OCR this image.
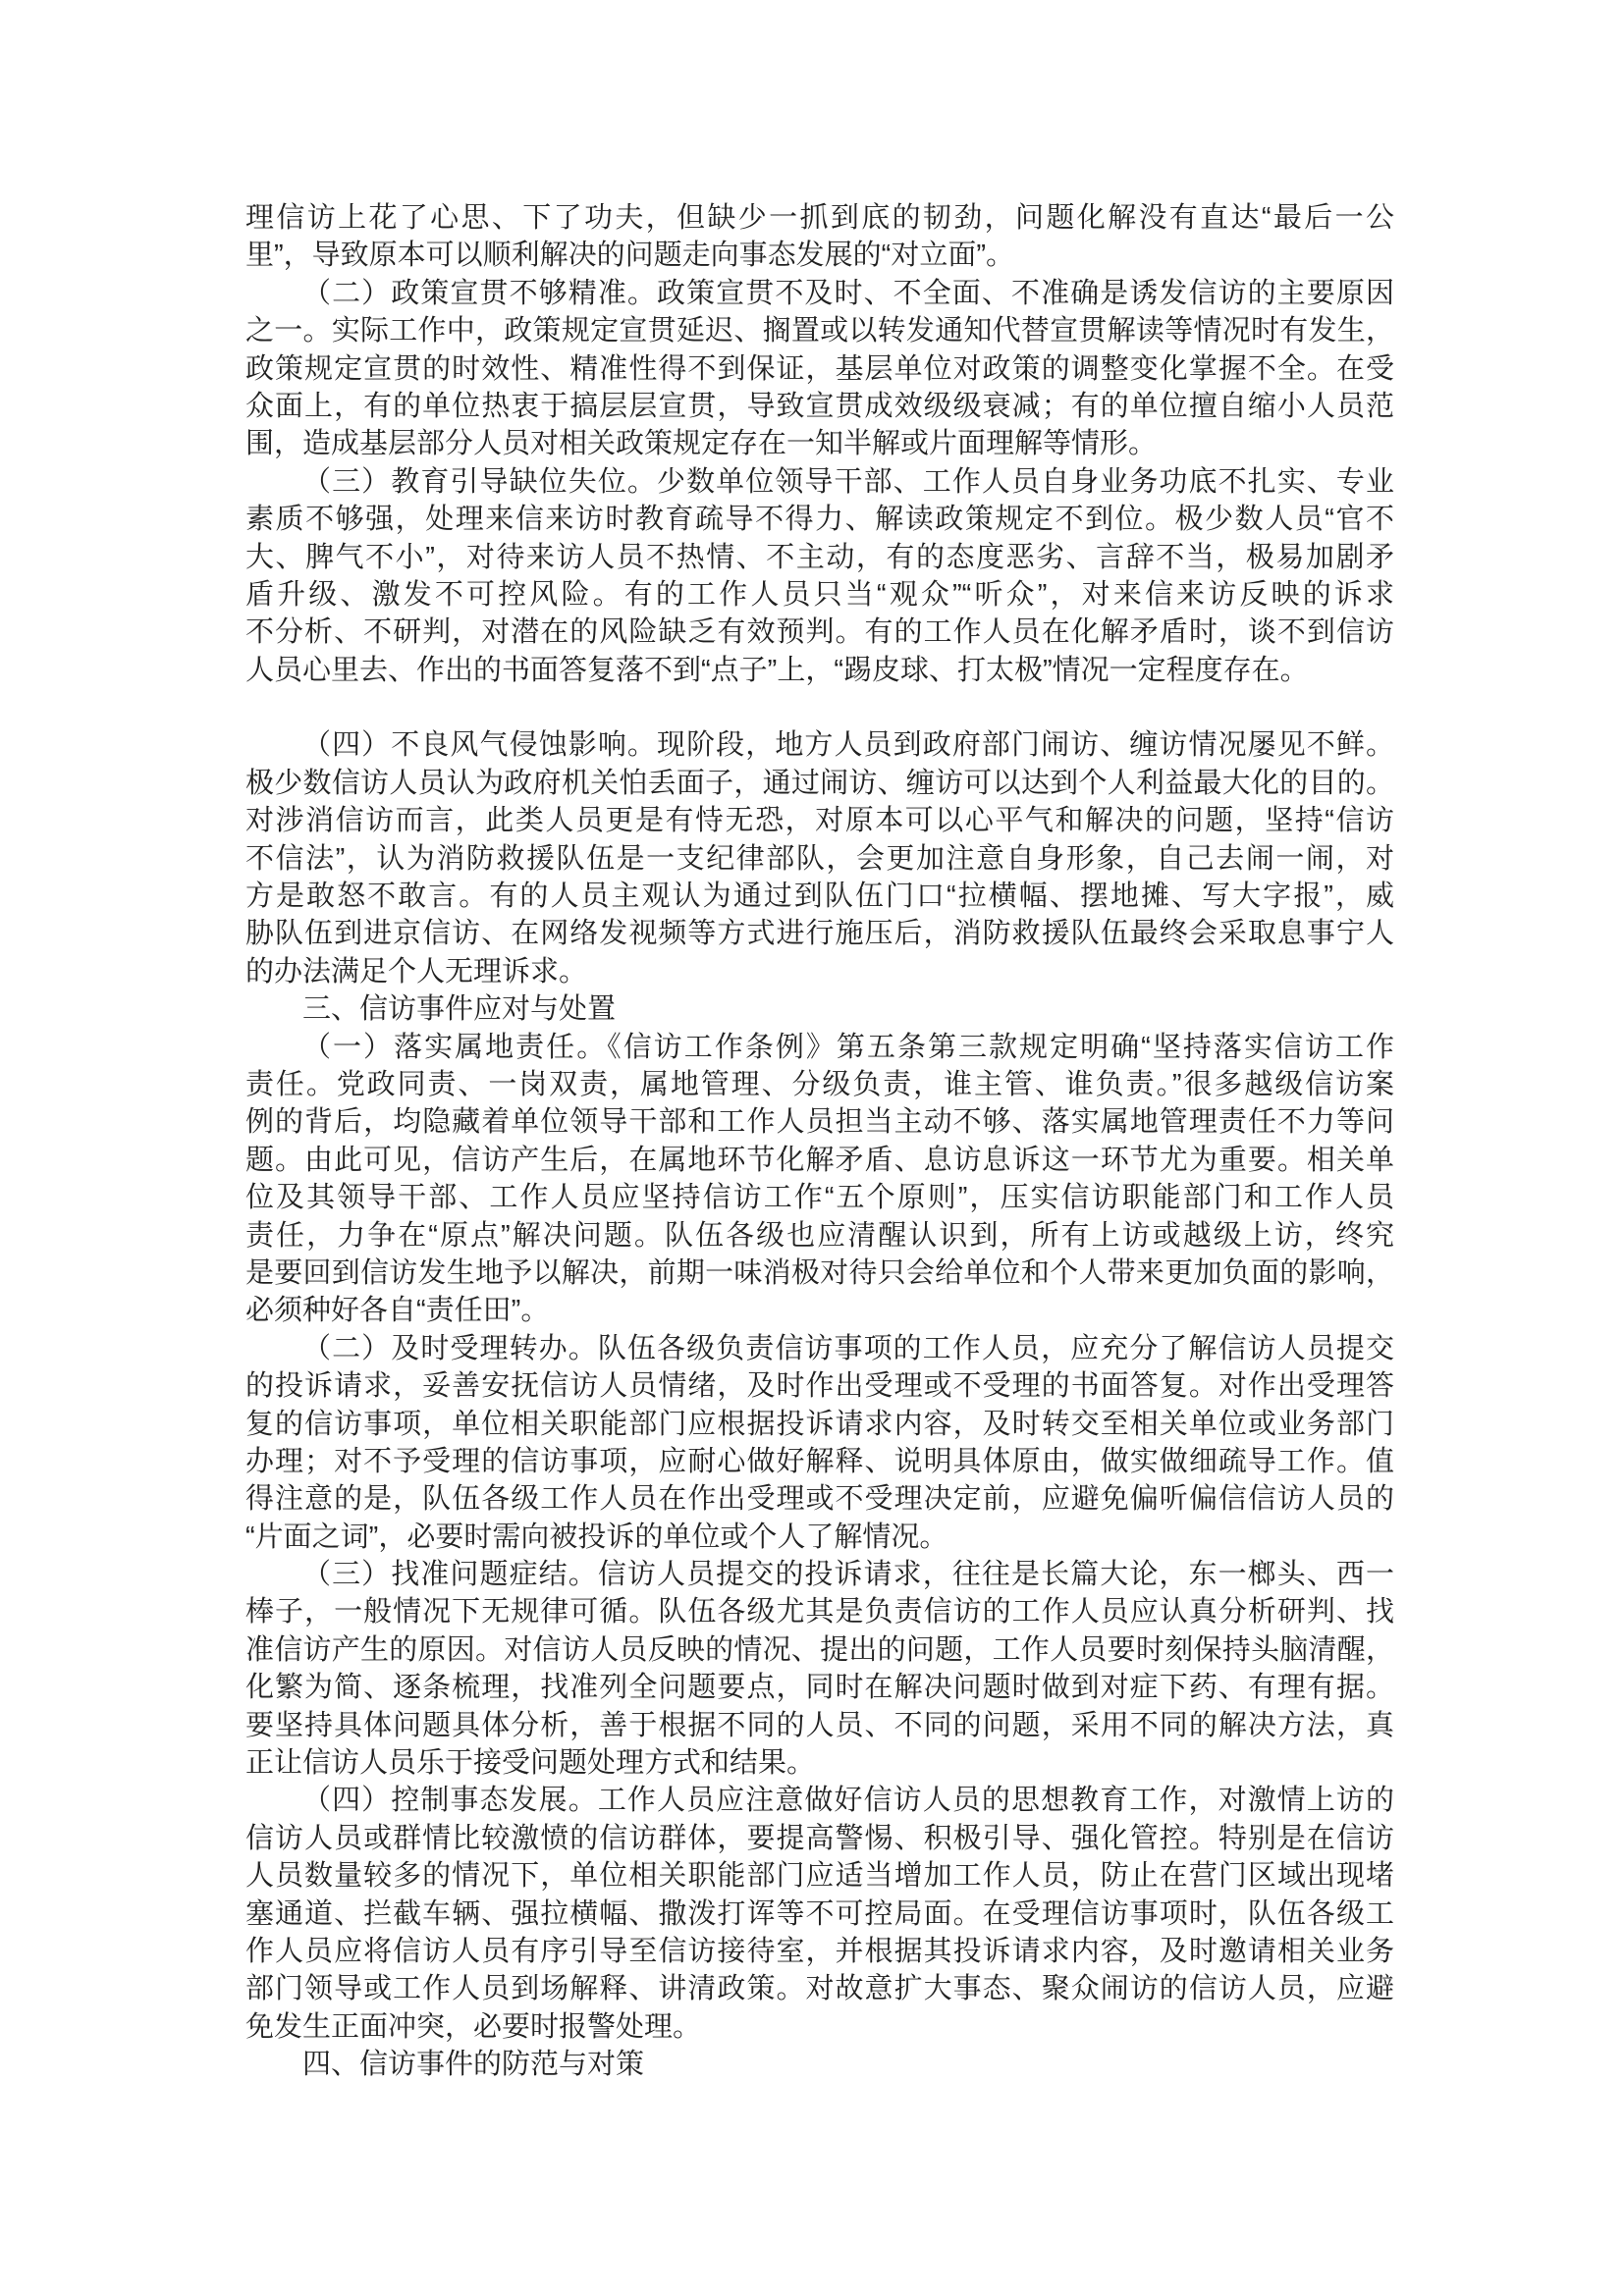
理信访上花了心思、下了功夫，但缺少一抓到底的韧劲，问题化解没有直达“最后一公
里”，导致原本可以顺利解决的问题走向事态发展的“对立面”。
（二）政策宣贯不够精准。政策宣贯不及时、不全面、不准确是诱发信访的主要原因
之一。实际工作中，政策规定宣贯延迟、搁置或以转发通知代替宣贯解读等情况时有发生，
政策规定宣贯的时效性、精准性得不到保证，基层单位对政策的调整变化掌握不全。在受
众面上，有的单位热衷于搞层层宣贯，导致宣贯成效级级衰减；有的单位擅自缩小人员范
围，造成基层部分人员对相关政策规定存在一知半解或片面理解等情形。
（三）教育引导缺位失位。少数单位领导干部、工作人员自身业务功底不扎实、专业
素质不够强，处理来信来访时教育疏导不得力、解读政策规定不到位。极少数人员“官不
大、脾气不小”，对待来访人员不热情、不主动，有的态度恶劣、言辞不当，极易加剧矛
盾升级、激发不可控风险。有的工作人员只当“观众”“听众”，对来信来访反映的诉求
不分析、不研判，对潜在的风险缺乏有效预判。有的工作人员在化解矛盾时，谈不到信访
人员心里去、作出的书面答复落不到“点子”上，“踢皮球、打太极”情况一定程度存在。
（四）不良风气侵蚀影响。现阶段，地方人员到政府部门闹访、缠访情况屡见不鲜。
极少数信访人员认为政府机关怕丢面子，通过闹访、缠访可以达到个人利益最大化的目的。
对涉消信访而言，此类人员更是有恃无恐，对原本可以心平气和解决的问题，坚持“信访
不信法”，认为消防救援队伍是一支纪律部队，会更加注意自身形象，自己去闹一闹，对
方是敢怒不敢言。有的人员主观认为通过到队伍门口“拉横幅、摆地摊、写大字报”，威
胁队伍到进京信访、在网络发视频等方式进行施压后，消防救援队伍最终会采取息事宁人
的办法满足个人无理诉求。
三、信访事件应对与处置
（一）落实属地责任。《信访工作条例》第五条第三款规定明确“坚持落实信访工作
责任。党政同责、一岗双责，属地管理、分级负责，谁主管、谁负责。”很多越级信访案
例的背后，均隐藏着单位领导干部和工作人员担当主动不够、落实属地管理责任不力等问
题。由此可见，信访产生后，在属地环节化解矛盾、息访息诉这一环节尤为重要。相关单
位及其领导干部、工作人员应坚持信访工作“五个原则”，压实信访职能部门和工作人员
责任，力争在“原点”解决问题。队伍各级也应清醒认识到，所有上访或越级上访，终究
是要回到信访发生地予以解决，前期一味消极对待只会给单位和个人带来更加负面的影响，
必须种好各自“责任田”。
（二）及时受理转办。队伍各级负责信访事项的工作人员，应充分了解信访人员提交
的投诉请求，妥善安抚信访人员情绪，及时作出受理或不受理的书面答复。对作出受理答
复的信访事项，单位相关职能部门应根据投诉请求内容，及时转交至相关单位或业务部门
办理；对不予受理的信访事项，应耐心做好解释、说明具体原由，做实做细疏导工作。值
得注意的是，队伍各级工作人员在作出受理或不受理决定前，应避免偏听偏信信访人员的
“片面之词”，必要时需向被投诉的单位或个人了解情况。
（三）找准问题症结。信访人员提交的投诉请求，往往是长篇大论，东一榔头、西一
棒子，一般情况下无规律可循。队伍各级尤其是负责信访的工作人员应认真分析研判、找
准信访产生的原因。对信访人员反映的情况、提出的问题，工作人员要时刻保持头脑清醒，
化繁为简、逐条梳理，找准列全问题要点，同时在解决问题时做到对症下药、有理有据。
要坚持具体问题具体分析，善于根据不同的人员、不同的问题，采用不同的解决方法，真
正让信访人员乐于接受问题处理方式和结果。
（四）控制事态发展。工作人员应注意做好信访人员的思想教育工作，对激情上访的
信访人员或群情比较激愤的信访群体，要提高警惕、积极引导、强化管控。特别是在信访
人员数量较多的情况下，单位相关职能部门应适当增加工作人员，防止在营门区域出现堵
塞通道、拦截车辆、强拉横幅、撒泼打诨等不可控局面。在受理信访事项时，队伍各级工
作人员应将信访人员有序引导至信访接待室，并根据其投诉请求内容，及时邀请相关业务
部门领导或工作人员到场解释、讲清政策。对故意扩大事态、聚众闹访的信访人员，应避
免发生正面冲突，必要时报警处理。
四、信访事件的防范与对策
